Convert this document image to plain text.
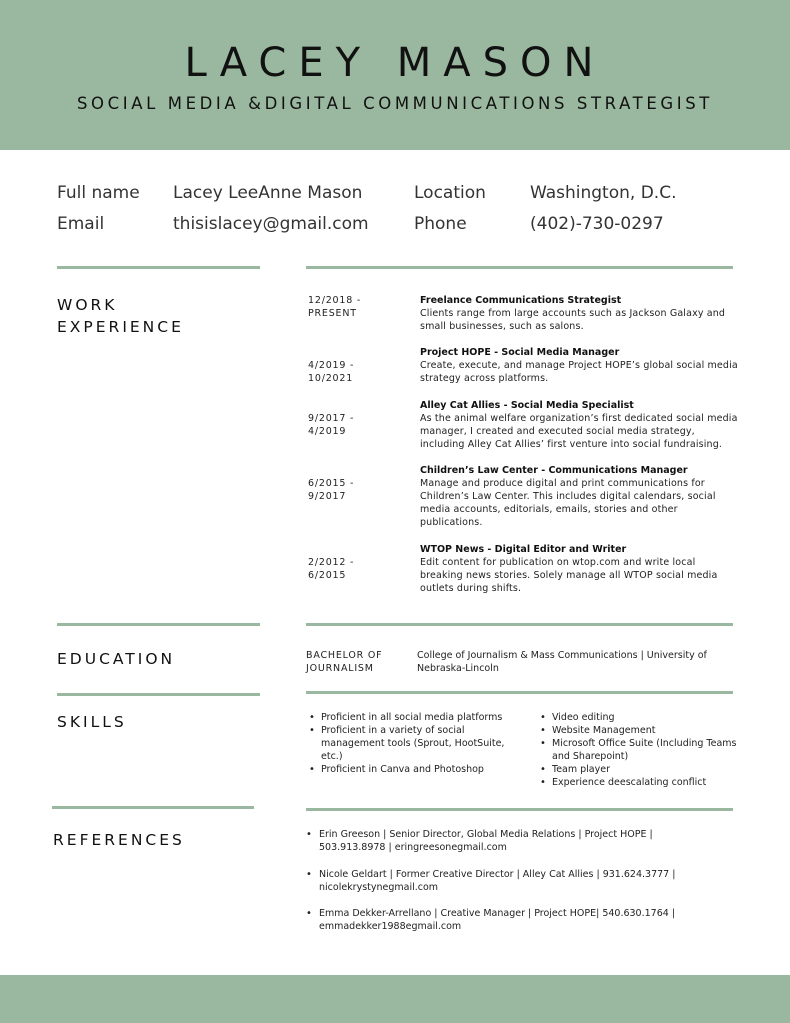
LACEY MASON
SOCIAL MEDIA &DIGITAL COMMUNICATIONS STRATEGIST
Full name Lacey LeeAnne Mason	Location	Washington, D.C.
Email	thisislacey@gmail.com	Phone	(402)-730-0297
WORK
EXPERIENCE
12/2018 -
PRESENT
4/2019 -
10/2021
9/2017 -
4/2019
6/2015 -
9/2017
2/2012 -
6/2015
Freelance Communications Strategist
Clients range from large accounts such as Jackson Galaxy and small businesses, such as salons.
Project HOPE - Social Media Manager
Create, execute, and manage Project HOPE’s global social media strategy across platforms.
Alley Cat Allies - Social Media Specialist
As the animal welfare organization’s first dedicated social media manager, I created and executed social media strategy, including Alley Cat Allies’ first venture into social fundraising.
Children’s Law Center - Communications Manager
Manage and produce digital and print communications for Children’s Law Center. This includes digital calendars, social media accounts, editorials, emails, stories and other publications.
WTOP News - Digital Editor and Writer
Edit content for publication on wtop.com and write local breaking news stories. Solely manage all WTOP social media outlets during shifts.
EDUCATION	BACHELOR OF
JOURNALISM
College of Journalism & Mass Communications | University of
Nebraska-Lincoln
SKILLS
•	Proficient in all social media platforms
• Proficient in a variety of social management tools (Sprout, HootSuite, etc.)
• Proficient in Canva and Photoshop
• Video editing
• Website Management
• Microsoft Office Suite (Including Teams and Sharepoint)
• Team player
• Experience deescalating conflict
REFERENCES	• Erin Greeson | Senior Director, Global Media Relations | Project HOPE |
503.913.8978 | eringreesonegmail.com
• Nicole Geldart | Former Creative Director | Alley Cat Allies | 931.624.3777 |
nicolekrystynegmail.com
• Emma Dekker-Arrellano | Creative Manager | Project HOPE| 540.630.1764 |
emmadekker1988egmail.com
